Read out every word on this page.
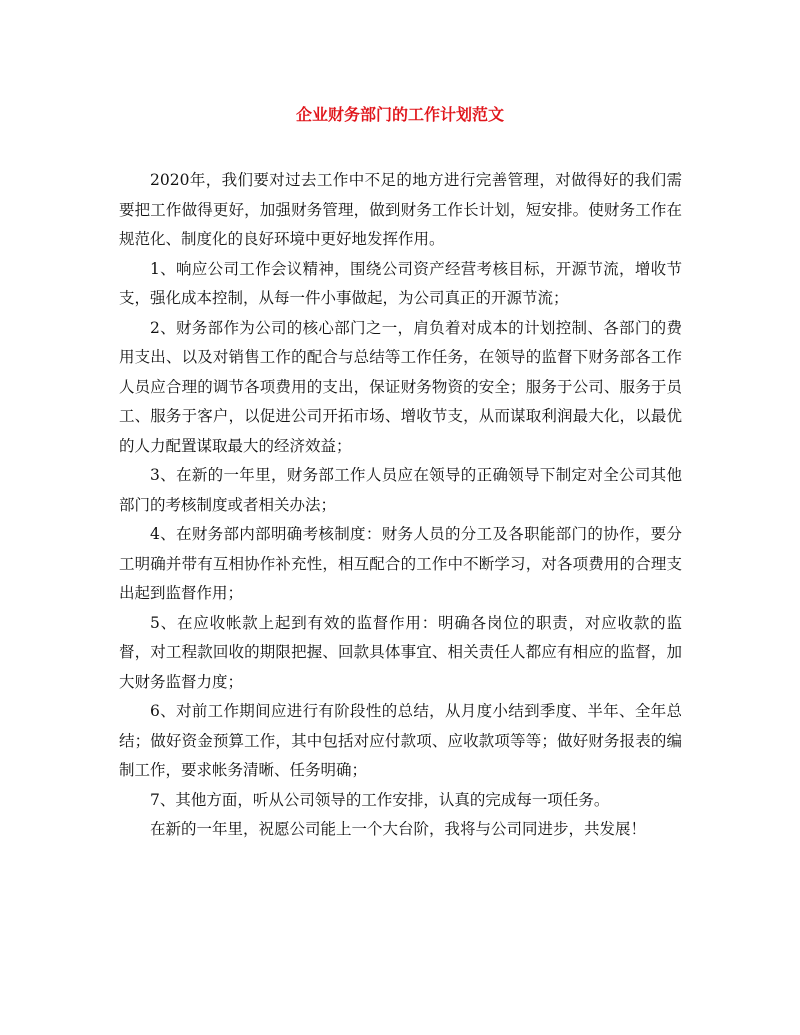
企业财务部门的工作计划范文

2020年，我们要对过去工作中不足的地方进行完善管理，对做得好的我们需要把工作做得更好，加强财务管理，做到财务工作长计划，短安排。使财务工作在规范化、制度化的良好环境中更好地发挥作用。

1、响应公司工作会议精神，围绕公司资产经营考核目标，开源节流，增收节支，强化成本控制，从每一件小事做起，为公司真正的开源节流；

2、财务部作为公司的核心部门之一，肩负着对成本的计划控制、各部门的费用支出、以及对销售工作的配合与总结等工作任务，在领导的监督下财务部各工作人员应合理的调节各项费用的支出，保证财务物资的安全；服务于公司、服务于员工、服务于客户，以促进公司开拓市场、增收节支，从而谋取利润最大化，以最优的人力配置谋取最大的经济效益；

3、在新的一年里，财务部工作人员应在领导的正确领导下制定对全公司其他部门的考核制度或者相关办法；

4、在财务部内部明确考核制度：财务人员的分工及各职能部门的协作，要分工明确并带有互相协作补充性，相互配合的工作中不断学习，对各项费用的合理支出起到监督作用；

5、在应收帐款上起到有效的监督作用：明确各岗位的职责，对应收款的监督，对工程款回收的期限把握、回款具体事宜、相关责任人都应有相应的监督，加大财务监督力度；

6、对前工作期间应进行有阶段性的总结，从月度小结到季度、半年、全年总结；做好资金预算工作，其中包括对应付款项、应收款项等等；做好财务报表的编制工作，要求帐务清晰、任务明确；

7、其他方面，听从公司领导的工作安排，认真的完成每一项任务。

在新的一年里，祝愿公司能上一个大台阶，我将与公司同进步，共发展！
